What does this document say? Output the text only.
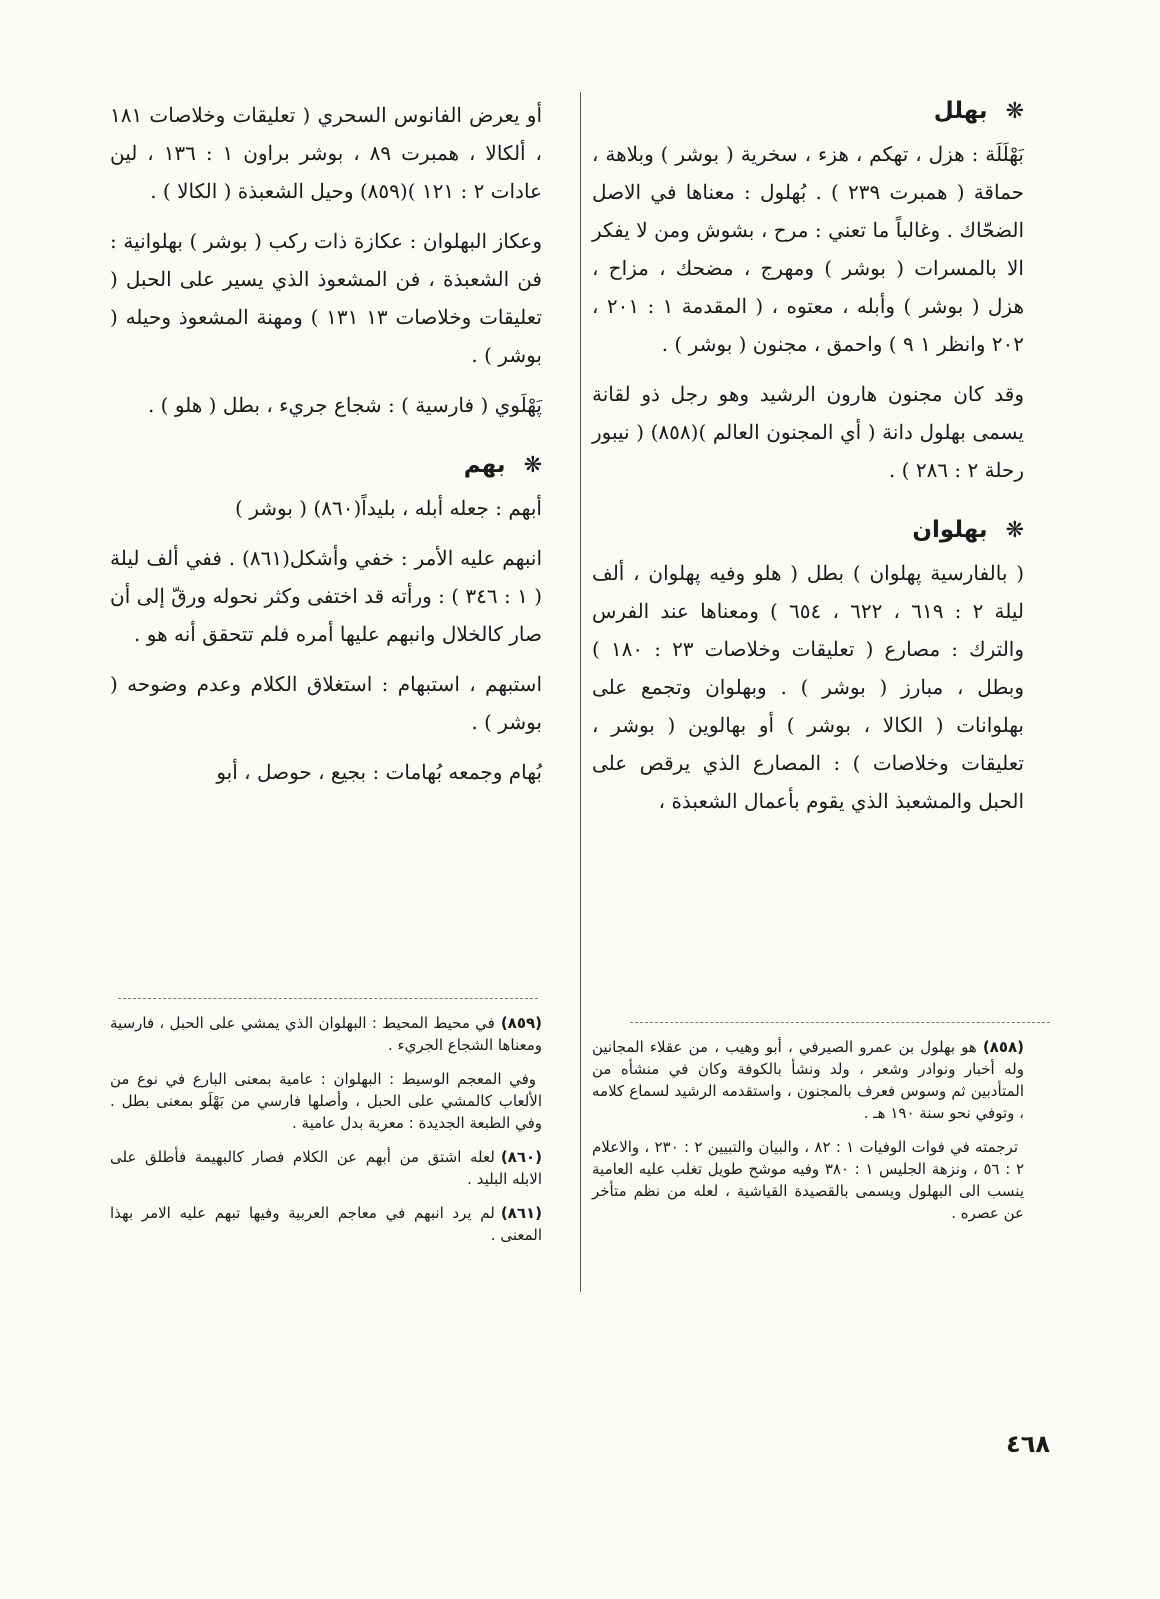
❋ بهلل

بَهْلَلَة : هزل ، تهكم ، هزء ، سخرية ( بوشر ) وبلاهة ، حماقة ( همبرت ٢٣٩ ) . بُهلول : معناها في الاصل الضحّاك . وغالباً ما تعني : مرح ، بشوش ومن لا يفكر الا بالمسرات ( بوشر ) ومهرج ، مضحك ، مزاح ، هزل ( بوشر ) وأبله ، معتوه ، ( المقدمة ١ : ٢٠١ ، ٢٠٢ وانظر ١ ٩ ) واحمق ، مجنون ( بوشر ) .

وقد كان مجنون هارون الرشيد وهو رجل ذو لقانة يسمى بهلول دانة ( أي المجنون العالم )(٨٥٨) ( نيبور رحلة ٢ : ٢٨٦ ) .

❋ بهلوان

( بالفارسية پهلوان ) بطل ( هلو وفيه پهلوان ، ألف ليلة ٢ : ٦١٩ ، ٦٢٢ ، ٦٥٤ ) ومعناها عند الفرس والترك : مصارع ( تعليقات وخلاصات ٢٣ : ١٨٠ ) وبطل ، مبارز ( بوشر ) . وبهلوان وتجمع على بهلوانات ( الكالا ، بوشر ) أو بهالوين ( بوشر ، تعليقات وخلاصات ) : المصارع الذي يرقص على الحبل والمشعبذ الذي يقوم بأعمال الشعبذة ،

أو يعرض الفانوس السحري ( تعليقات وخلاصات ١٨١ ، ألكالا ، همبرت ٨٩ ، بوشر براون ١ : ١٣٦ ، لين عادات ٢ : ١٢١ )(٨٥٩) وحيل الشعبذة ( الكالا ) .

وعكاز البهلوان : عكازة ذات ركب ( بوشر ) بهلوانية : فن الشعبذة ، فن المشعوذ الذي يسير على الحبل ( تعليقات وخلاصات ١٣ ١٣١ ) ومهنة المشعوذ وحيله ( بوشر ) .

پَهْلَوي ( فارسية ) : شجاع جريء ، بطل ( هلو ) .

❋ بهم

أبهم : جعله أبله ، بليداً(٨٦٠) ( بوشر )

انبهم عليه الأمر : خفي وأشكل(٨٦١) . ففي ألف ليلة ( ١ : ٣٤٦ ) : ورأته قد اختفى وكثر نحوله ورقّ إلى أن صار كالخلال وانبهم عليها أمره فلم تتحقق أنه هو .

استبهم ، استبهام : استغلاق الكلام وعدم وضوحه ( بوشر ) .

بُهام وجمعه بُهامات : بجيع ، حوصل ، أبو

(٨٥٨)هو بهلول بن عمرو الصيرفي ، أبو وهيب ، من عقلاء المجانين وله أخبار ونوادر وشعر ، ولد ونشأ بالكوفة وكان في منشأه من المتأدبين ثم وسوس فعرف بالمجنون ، واستقدمه الرشيد لسماع كلامه ، وتوفي نحو سنة ١٩٠ هـ .
ترجمته في فوات الوفيات ١ : ٨٢ ، والبيان والتبيين ٢ : ٢٣٠ ، والاعلام ٢ : ٥٦ ، ونزهة الجليس ١ : ٣٨٠ وفيه موشح طويل تغلب عليه العامية ينسب الى البهلول ويسمى بالقصيدة القياشية ، لعله من نظم متأخر عن عصره .
(٨٥٩)في محيط المحيط : البهلوان الذي يمشي على الحبل ، فارسية ومعناها الشجاع الجريء .
وفي المعجم الوسيط : البهلوان : عامية بمعنى البارع في نوع من الألعاب كالمشي على الحبل ، وأصلها فارسي من بَهْلَو بمعنى بطل . وفي الطبعة الجديدة : معربة بدل عامية .
(٨٦٠)لعله اشتق من أبهم عن الكلام فصار كالبهيمة فأطلق على الابله البليد .
(٨٦١)لم يرد انبهم في معاجم العربية وفيها تبهم عليه الامر بهذا المعنى .
٤٦٨
